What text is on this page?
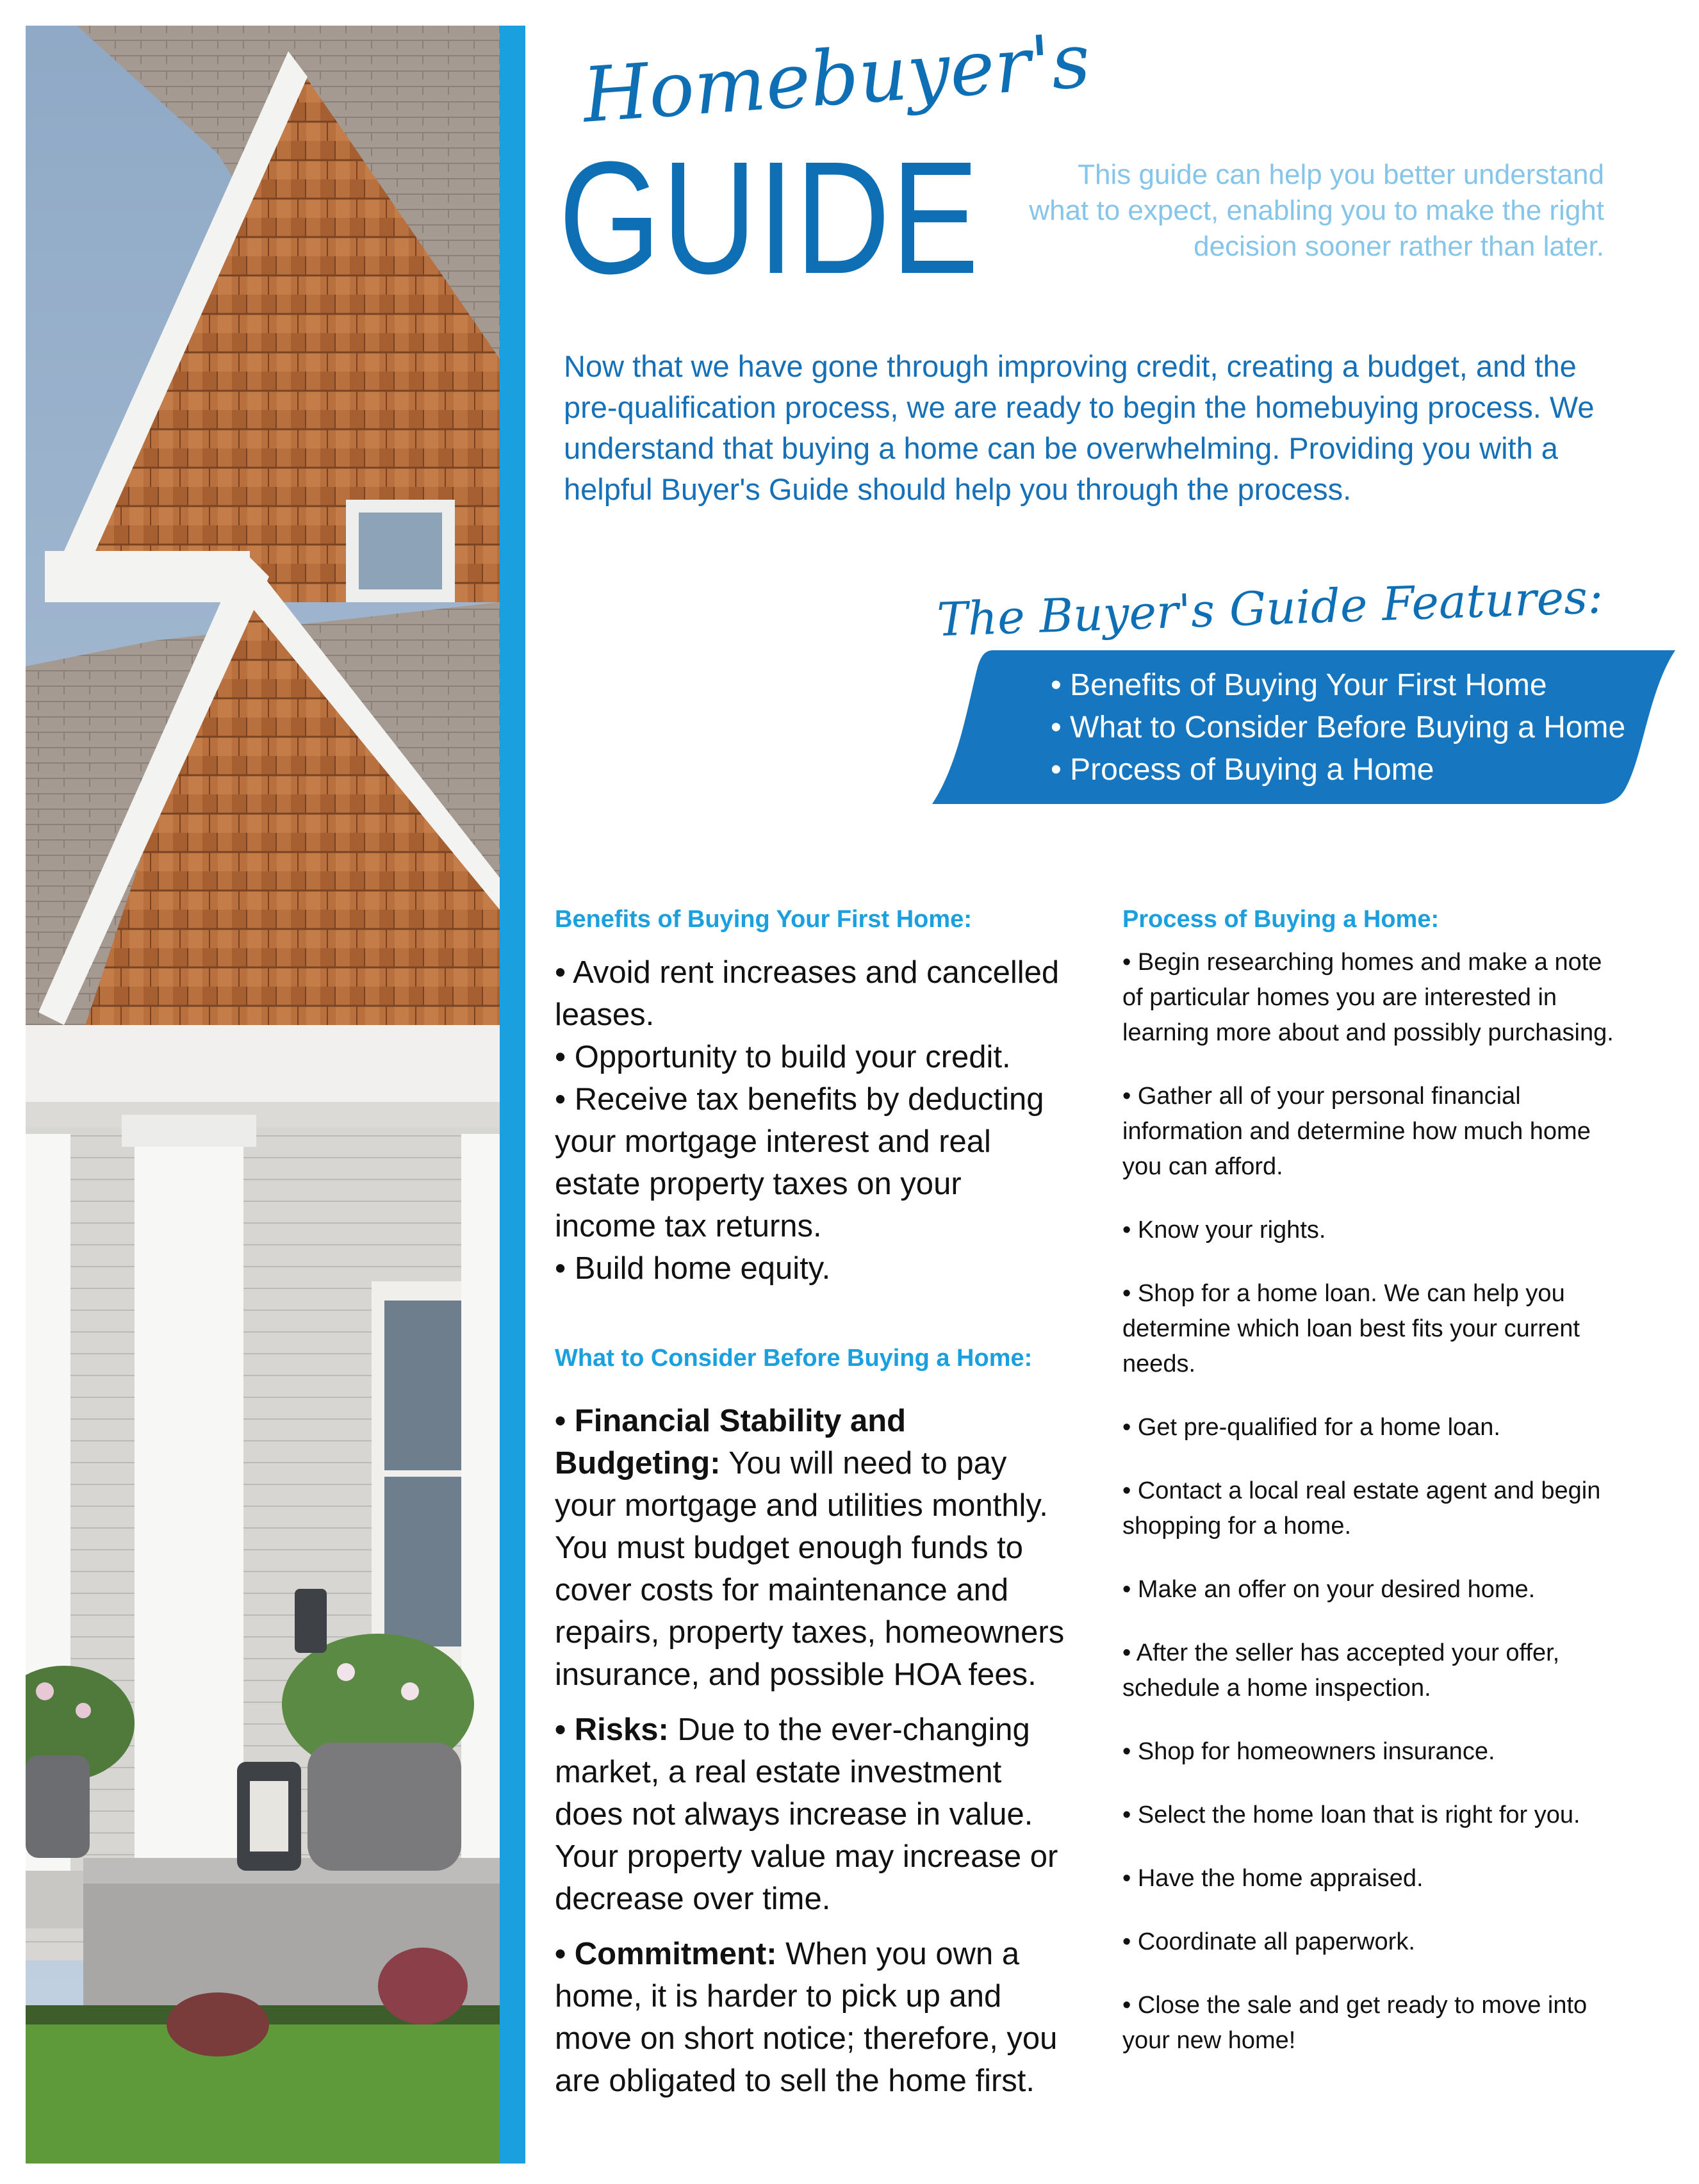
Homebuyer's
GUIDE	This guide can help you better understand what to expect, enabling you to make the right decision sooner rather than later.
Now that we have gone through improving credit, creating a budget, and the pre-qualification process, we are ready to begin the homebuying process. We understand that buying a home can be overwhelming. Providing you with a helpful Buyer's Guide should help you through the process.
The Buyer's Guide Features:
• Benefits of Buying Your First Home
• What to Consider Before Buying a Home
• Process of Buying a Home
Benefits of Buying Your First Home:

• Avoid rent increases and cancelled leases.

• Opportunity to build your credit.

• Receive tax benefits by deducting your mortgage interest and real estate property taxes on your income tax returns.

• Build home equity.

What to Consider Before Buying a Home:

• Financial Stability and Budgeting: You will need to pay your mortgage and utilities monthly. You must budget enough funds to cover costs for maintenance and repairs, property taxes, homeowners insurance, and possible HOA fees.

• Risks: Due to the ever-changing market, a real estate investment does not always increase in value. Your property value may increase or decrease over time.

• Commitment: When you own a home, it is harder to pick up and move on short notice; therefore, you are obligated to sell the home first.

Process of Buying a Home:

• Begin researching homes and make a note of particular homes you are interested in learning more about and possibly purchasing.

• Gather all of your personal financial information and determine how much home you can afford.

• Know your rights.

• Shop for a home loan. We can help you determine which loan best fits your current needs.

• Get pre-qualified for a home loan.

• Contact a local real estate agent and begin shopping for a home.

• Make an offer on your desired home.

• After the seller has accepted your offer, schedule a home inspection.

• Shop for homeowners insurance.

• Select the home loan that is right for you.

• Have the home appraised.

• Coordinate all paperwork.

• Close the sale and get ready to move into your new home!
